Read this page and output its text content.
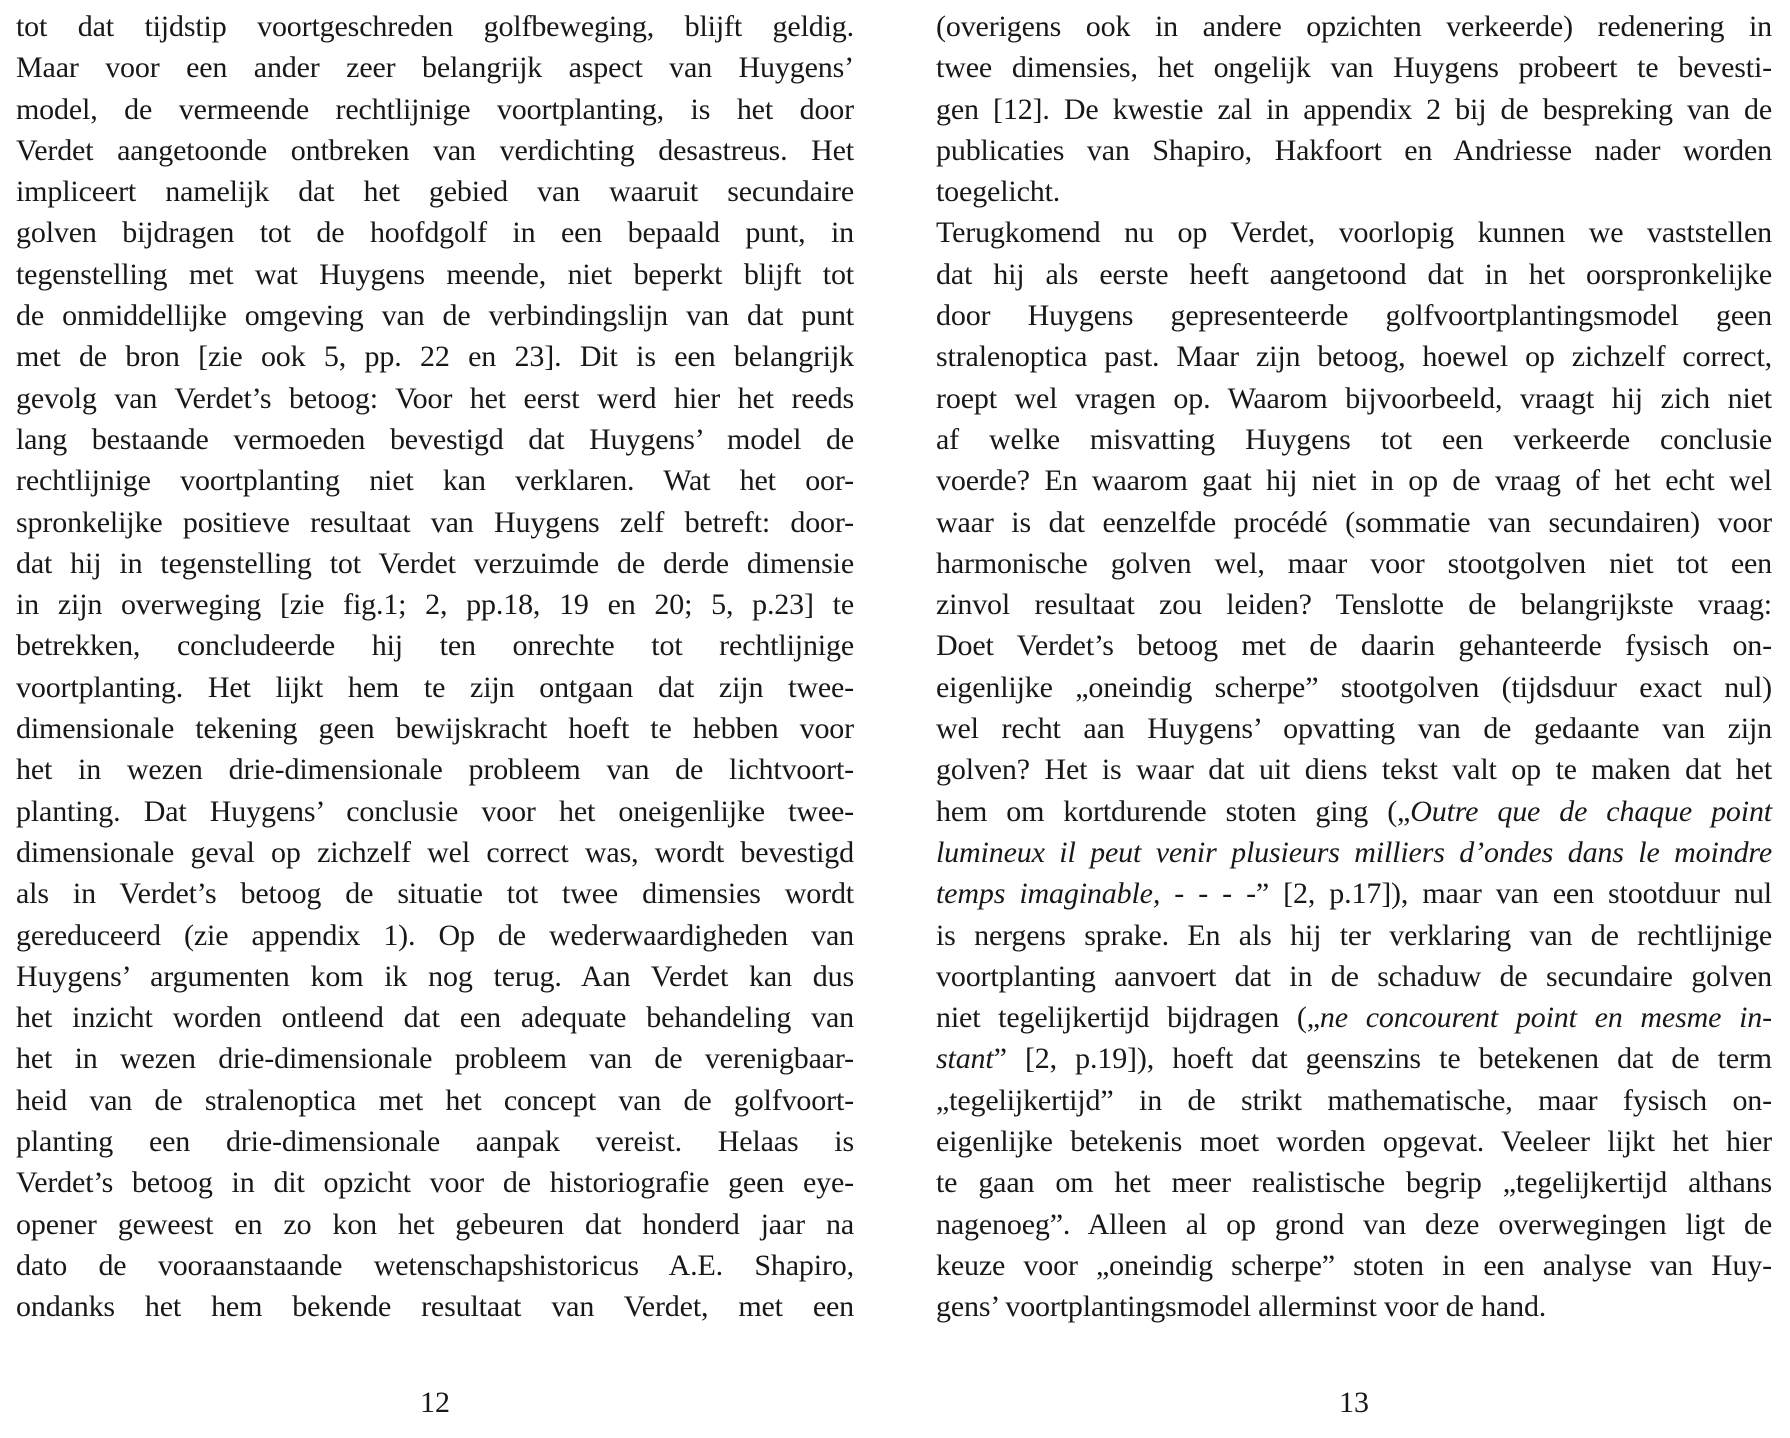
tot dat tijdstip voortgeschreden golfbeweging, blijft geldig.
Maar voor een ander zeer belangrijk aspect van Huygens’
model, de vermeende rechtlijnige voortplanting, is het door
Verdet aangetoonde ontbreken van verdichting desastreus. Het
impliceert namelijk dat het gebied van waaruit secundaire
golven bijdragen tot de hoofdgolf in een bepaald punt, in
tegenstelling met wat Huygens meende, niet beperkt blijft tot
de onmiddellijke omgeving van de verbindingslijn van dat punt
met de bron [zie ook 5, pp. 22 en 23]. Dit is een belangrijk
gevolg van Verdet’s betoog: Voor het eerst werd hier het reeds
lang bestaande vermoeden bevestigd dat Huygens’ model de
rechtlijnige voortplanting niet kan verklaren. Wat het oor-
spronkelijke positieve resultaat van Huygens zelf betreft: door-
dat hij in tegenstelling tot Verdet verzuimde de derde dimensie
in zijn overweging [zie fig.1; 2, pp.18, 19 en 20; 5, p.23] te
betrekken, concludeerde hij ten onrechte tot rechtlijnige
voortplanting. Het lijkt hem te zijn ontgaan dat zijn twee-
dimensionale tekening geen bewijskracht hoeft te hebben voor
het in wezen drie-dimensionale probleem van de lichtvoort-
planting. Dat Huygens’ conclusie voor het oneigenlijke twee-
dimensionale geval op zichzelf wel correct was, wordt bevestigd
als in Verdet’s betoog de situatie tot twee dimensies wordt
gereduceerd (zie appendix 1). Op de wederwaardigheden van
Huygens’ argumenten kom ik nog terug. Aan Verdet kan dus
het inzicht worden ontleend dat een adequate behandeling van
het in wezen drie-dimensionale probleem van de verenigbaar-
heid van de stralenoptica met het concept van de golfvoort-
planting een drie-dimensionale aanpak vereist. Helaas is
Verdet’s betoog in dit opzicht voor de historiografie geen eye-
opener geweest en zo kon het gebeuren dat honderd jaar na
dato de vooraanstaande wetenschapshistoricus A.E. Shapiro,
ondanks het hem bekende resultaat van Verdet, met een
(overigens ook in andere opzichten verkeerde) redenering in
twee dimensies, het ongelijk van Huygens probeert te bevesti-
gen [12]. De kwestie zal in appendix 2 bij de bespreking van de
publicaties van Shapiro, Hakfoort en Andriesse nader worden
toegelicht.
Terugkomend nu op Verdet, voorlopig kunnen we vaststellen
dat hij als eerste heeft aangetoond dat in het oorspronkelijke
door Huygens gepresenteerde golfvoortplantingsmodel geen
stralenoptica past. Maar zijn betoog, hoewel op zichzelf correct,
roept wel vragen op. Waarom bijvoorbeeld, vraagt hij zich niet
af welke misvatting Huygens tot een verkeerde conclusie
voerde? En waarom gaat hij niet in op de vraag of het echt wel
waar is dat eenzelfde procédé (sommatie van secundairen) voor
harmonische golven wel, maar voor stootgolven niet tot een
zinvol resultaat zou leiden? Tenslotte de belangrijkste vraag:
Doet Verdet’s betoog met de daarin gehanteerde fysisch on-
eigenlijke „oneindig scherpe” stootgolven (tijdsduur exact nul)
wel recht aan Huygens’ opvatting van de gedaante van zijn
golven? Het is waar dat uit diens tekst valt op te maken dat het
hem om kortdurende stoten ging („Outre que de chaque point
lumineux il peut venir plusieurs milliers d’ondes dans le moindre
temps imaginable, - - - -” [2, p.17]), maar van een stootduur nul
is nergens sprake. En als hij ter verklaring van de rechtlijnige
voortplanting aanvoert dat in de schaduw de secundaire golven
niet tegelijkertijd bijdragen („ne concourent point en mesme in-
stant” [2, p.19]), hoeft dat geenszins te betekenen dat de term
„tegelijkertijd” in de strikt mathematische, maar fysisch on-
eigenlijke betekenis moet worden opgevat. Veeleer lijkt het hier
te gaan om het meer realistische begrip „tegelijkertijd althans
nagenoeg”. Alleen al op grond van deze overwegingen ligt de
keuze voor „oneindig scherpe” stoten in een analyse van Huy-
gens’ voortplantingsmodel allerminst voor de hand.
12	13
